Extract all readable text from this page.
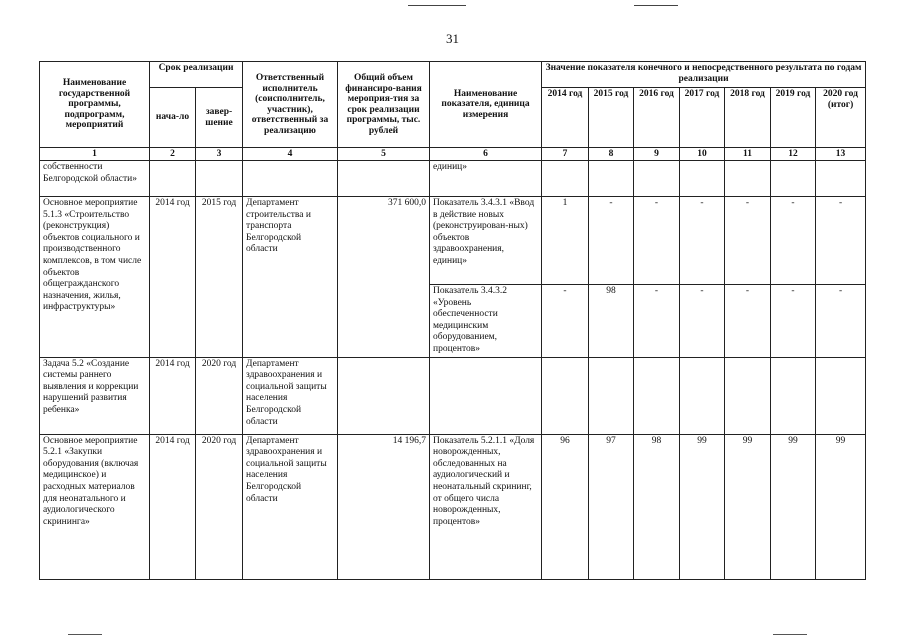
31
Наименование государственной программы, подпрограмм, мероприятий	Срок реализации		Ответственный исполнитель (соисполнитель, участник), ответственный за реализацию	Общий объем финансиро-вания мероприя-тия за срок реализации программы, тыс. рублей	Наименование показателя, единица измерения	Значение показателя конечного и непосредственного результата по годам реализации						
	нача-ло	завер-шение				2014 год	2015 год	2016 год	2017 год	2018 год	2019 год	2020 год (итог)
1	2	3	4	5	6	7	8	9	10	11	12	13
собственности Белгородской области»					единиц»							
Основное мероприятие 5.1.3 «Строительство (реконструкция) объектов социального и производственного комплексов, в том числе объектов общегражданского назначения, жилья, инфраструктуры»	2014 год	2015 год	Департамент строительства и транспорта Белгородской области	371 600,0	Показатель 3.4.3.1 «Ввод в действие новых (реконструирован-ных) объектов здравоохранения, единиц»	1	-	-	-	-	-	-
					Показатель 3.4.3.2 «Уровень обеспеченности медицинским оборудованием, процентов»	-	98	-	-	-	-	-
Задача 5.2 «Создание системы раннего выявления и коррекции нарушений развития ребенка»	2014 год	2020 год	Департамент здравоохранения и социальной защиты населения Белгородской области									
Основное мероприятие 5.2.1 «Закупки оборудования (включая медицинское) и расходных материалов для неонатального и аудиологического скрининга»	2014 год	2020 год	Департамент здравоохранения и социальной защиты населения Белгородской области	14 196,7	Показатель 5.2.1.1 «Доля новорожденных, обследованных на аудиологический и неонатальный скрининг, от общего числа новорожденных, процентов»	96	97	98	99	99	99	99
